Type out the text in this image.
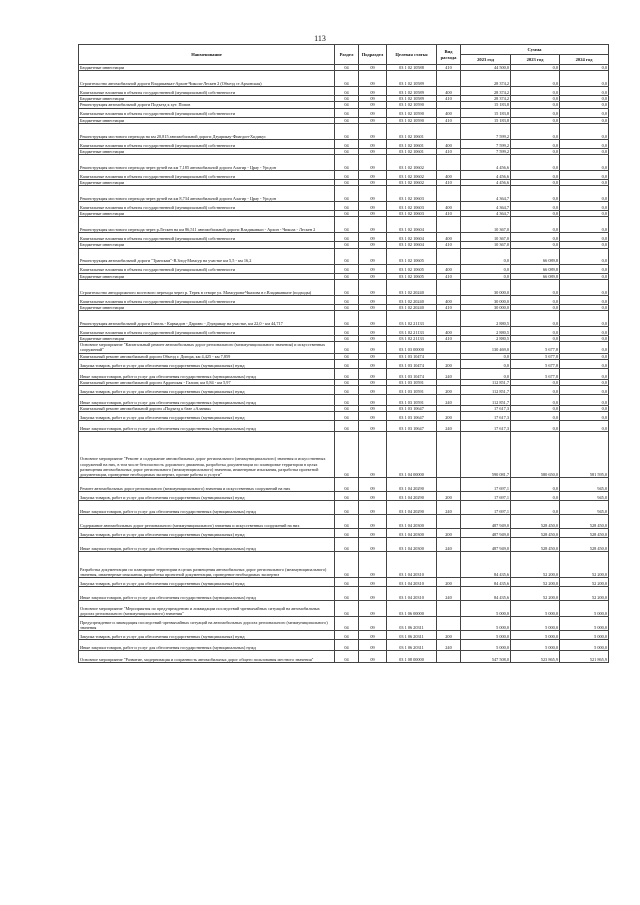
113
Наименование	Раздел	Подраздел	Целевая статья	Вид расхода	Сумма		
					2023 год	2023 год	2024 год
Бюджетные инвестиции	04	09	03 1 02 10588	410	44 500,0	0,0	0,0
Строительство автомобильной дороги Владикавказ-Архон-Чикола-Лескен 2 (Объезд ст.Архонская)	04	09	03 1 02 10589		28 374,2	0,0	0,0
Капитальные вложения в объекты государственной (муниципальной) собственности	04	09	03 1 02 10589	400	28 374,2	0,0	0,0
Бюджетные инвестиции	04	09	03 1 02 10589	410	28 374,2	0,0	0,0
Реконструкция автомобильной дороги Подъезд к хут. Попов	04	09	03 1 02 10590		15 183,8	0,0	0,0
Капитальные вложения в объекты государственной (муниципальной) собственности	04	09	03 1 02 10590	400	15 183,8	0,0	0,0
Бюджетные инвестиции	04	09	03 1 02 10590	410	15 183,8	0,0	0,0
Реконструкция мостового перехода на км 20,815 автомобильной дороги Дзуарикау-Фиагдон-Хидикус	04	09	03 1 02 10601		7 599,2	0,0	0,0
Капитальные вложения в объекты государственной (муниципальной) собственности	04	09	03 1 02 10601	400	7 599,2	0,0	0,0
Бюджетные инвестиции	04	09	03 1 02 10601	410	7 599,2	0,0	0,0
Реконструкция мостового перехода через ручей на км 7,185 автомобильной дороги Алагир - Црау - Урсдон	04	09	03 1 02 10602		4 456,6	0,0	0,0
Капитальные вложения в объекты государственной (муниципальной) собственности	04	09	03 1 02 10602	400	4 456,6	0,0	0,0
Бюджетные инвестиции	04	09	03 1 02 10602	410	4 456,6	0,0	0,0
Реконструкция мостового перехода через ручей на км 8,734 автомобильной дороги Алагир - Црау - Урсдон	04	09	03 1 02 10603		4 364,7	0,0	0,0
Капитальные вложения в объекты государственной (муниципальной) собственности	04	09	03 1 02 10603	400	4 364,7	0,0	0,0
Бюджетные инвестиции	04	09	03 1 02 10603	410	4 364,7	0,0	0,0
Реконструкция мостового перехода через р.Лескен на км 86,511 автомобильной дороги Владикавказ - Архон - Чикола - Лескен 2	04	09	03 1 02 10604		10 367,0	0,0	0,0
Капитальные вложения в объекты государственной (муниципальной) собственности	04	09	03 1 02 10604	400	10 367,0	0,0	0,0
Бюджетные инвестиции	04	09	03 1 02 10604	410	10 367,0	0,0	0,0
Реконструкция автомобильной дороги "Транскам"-В.Згид-Мамсур на участке км 5,5 - км 16,2	04	09	03 1 02 10605		0,0	66 089,8	0,0
Капитальные вложения в объекты государственной (муниципальной) собственности	04	09	03 1 02 10605	400	0,0	66 089,8	0,0
Бюджетные инвестиции	04	09	03 1 02 10605	410	0,0	66 089,8	0,0
Строительство автодорожного мостового перехода через р. Терек в створе ул. Мамсурова-Чкалова в г.Владикавказе (подходы)	04	09	03 1 02 20240		30 000,0	0,0	0,0
Капитальные вложения в объекты государственной (муниципальной) собственности	04	09	03 1 02 20240	400	30 000,0	0,0	0,0
Бюджетные инвестиции	04	09	03 1 02 20240	410	30 000,0	0,0	0,0
Реконструкция автомобильной дороги Гизель - Кармадон - Даргавс - Дзуарикау на участке, км 22,0 - км 44,717	04	09	03 1 02 21133		2 880,5	0,0	0,0
Капитальные вложения в объекты государственной (муниципальной) собственности	04	09	03 1 02 21133	400	2 880,5	0,0	0,0
Бюджетные инвестиции	04	09	03 1 02 21133	410	2 880,5	0,0	0,0
Основное мероприятие "Капитальный ремонт автомобильных дорог регионального (межмуниципального значения) и искусственных сооружений"	04	09	03 1 03 00000		130 469,0	5 677,8	0,0
Капитальный ремонт автомобильной дороги Объезд г. Дигора, км 4,425 - км 7,859	04	09	03 1 03 10474		0,0	5 677,8	0,0
Закупка товаров, работ и услуг для обеспечения государственных (муниципальных) нужд	04	09	03 1 03 10474	200	0,0	5 677,8	0,0
Иные закупки товаров, работ и услуг для обеспечения государственных (муниципальных) нужд	04	09	03 1 03 10474	240	0,0	5 677,8	0,0
Капитальный ремонт автомобильной дороги Ардонская - Галиат, км 0,84 - км 5,97	04	09	03 1 03 10591		112 851,7	0,0	0,0
Закупка товаров, работ и услуг для обеспечения государственных (муниципальных) нужд	04	09	03 1 03 10591	200	112 851,7	0,0	0,0
Иные закупки товаров, работ и услуг для обеспечения государственных (муниципальных) нужд	04	09	03 1 03 10591	240	112 851,7	0,0	0,0
Капитальный ремонт автомобильной дороги «Подъезд к базе «Алания»	04	09	03 1 03 10647		17 617,3	0,0	0,0
Закупка товаров, работ и услуг для обеспечения государственных (муниципальных) нужд	04	09	03 1 03 10647	200	17 617,3	0,0	0,0
Иные закупки товаров, работ и услуг для обеспечения государственных (муниципальных) нужд	04	09	03 1 03 10647	240	17 617,3	0,0	0,0
Основное мероприятие "Ремонт и содержание автомобильных дорог регионального (межмуниципального) значения и искусственных сооружений на них, в том числе безопасность дорожного движения, разработка документации по планировке территории в целях размещения автомобильных дорог регионального (межмуниципального) значения, инженерные изыскания, разработка проектной документации, проведение необходимых экспертиз, прочие работы и услуги"	04	09	03 1 04 00000		590 081,7	580 650,0	581 595,0
Ремонт автомобильных дорог регионального (межмуниципального) значения и искусственных сооружений на них	04	09	03 1 04 20290		17 697,1	0,0	945,0
Закупка товаров, работ и услуг для обеспечения государственных (муниципальных) нужд	04	09	03 1 04 20290	200	17 697,1	0,0	945,0
Иные закупки товаров, работ и услуг для обеспечения государственных (муниципальных) нужд	04	09	03 1 04 20290	240	17 697,1	0,0	945,0
Содержание автомобильных дорог регионального (межмуниципального) значения и искусственных сооружений на них	04	09	03 1 04 20300		487 949,0	528 450,0	528 450,0
Закупка товаров, работ и услуг для обеспечения государственных (муниципальных) нужд	04	09	03 1 04 20300	200	487 949,0	528 450,0	528 450,0
Иные закупки товаров, работ и услуг для обеспечения государственных (муниципальных) нужд	04	09	03 1 04 20300	240	487 949,0	528 450,0	528 450,0
Разработка документации по планировке территории в целях размещения автомобильных дорог регионального (межмуниципального) значения, инженерные изыскания, разработка проектной документации, проведение необходимых экспертиз	04	09	03 1 04 20310		84 435,6	52 200,0	52 200,0
Закупка товаров, работ и услуг для обеспечения государственных (муниципальных) нужд	04	09	03 1 04 20310	200	84 435,6	52 200,0	52 200,0
Иные закупки товаров, работ и услуг для обеспечения государственных (муниципальных) нужд	04	09	03 1 04 20310	240	84 435,6	52 200,0	52 200,0
Основное мероприятие "Мероприятия по предупреждению и ликвидации последствий чрезвычайных ситуаций на автомобильных дорогах регионального (межмуниципального) значения"	04	09	03 1 06 00000		5 000,0	5 000,0	5 000,0
Предупреждение и ликвидация последствий чрезвычайных ситуаций на автомобильных дорогах регионального (межмуниципального) значения	04	09	03 1 06 20311		5 000,0	5 000,0	5 000,0
Закупка товаров, работ и услуг для обеспечения государственных (муниципальных) нужд	04	09	03 1 06 20311	200	5 000,0	5 000,0	5 000,0
Иные закупки товаров, работ и услуг для обеспечения государственных (муниципальных) нужд	04	09	03 1 06 20311	240	5 000,0	5 000,0	5 000,0
Основное мероприятие "Развитие, модернизация и сохранность автомобильных дорог общего пользования местного значения"	04	09	03 1 08 00000		547 508,0	523 865,9	521 865,9
